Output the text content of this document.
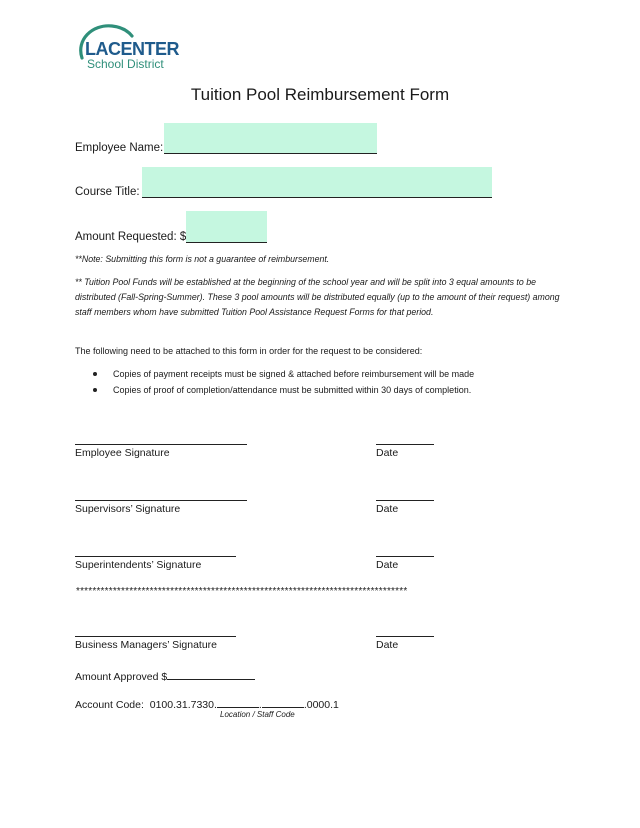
LACENTER
School District
Tuition Pool Reimbursement Form
Employee Name:
Course Title:
Amount Requested: $
**Note: Submitting this form is not a guarantee of reimbursement.
** Tuition Pool Funds will be established at the beginning of the school year and will be split into 3 equal amounts to be distributed (Fall-Spring-Summer). These 3 pool amounts will be distributed equally (up to the amount of their request) among staff members whom have submitted Tuition Pool Assistance Request Forms for that period.
The following need to be attached to this form in order for the request to be considered:
Copies of payment receipts must be signed & attached before reimbursement will be made
Copies of proof of completion/attendance must be submitted within 30 days of completion.
Employee Signature	Date
Supervisors’ Signature	Date
Superintendents’ Signature	Date
*********************************************************************************
Business Managers’ Signature	Date
Amount Approved $
Account Code: 0100.31.7330.	.	.0000.1
Location / Staff Code
